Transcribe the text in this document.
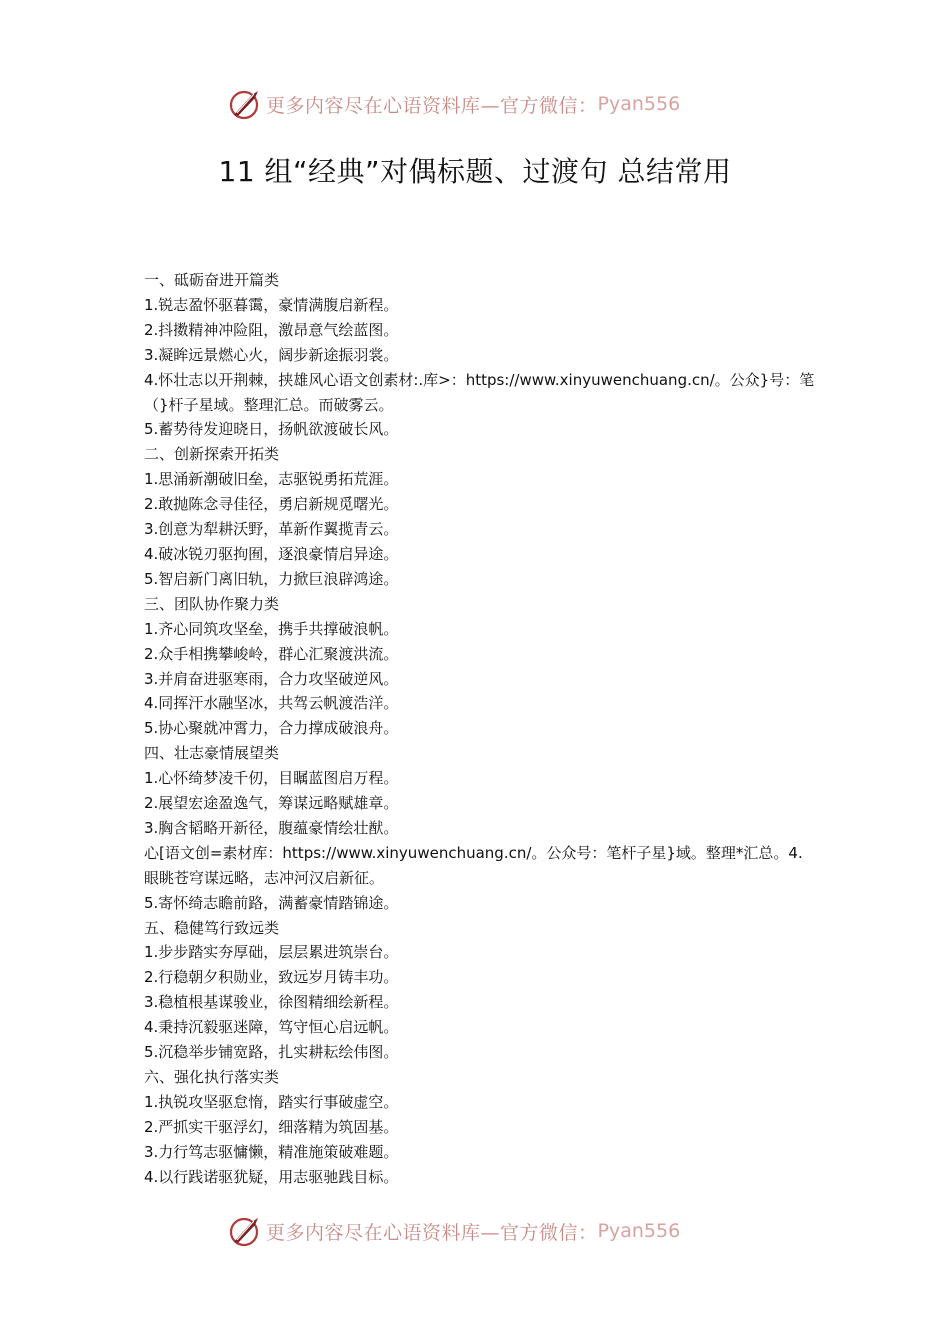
更多内容尽在心语资料库—官方微信： Pyan556
11 组“经典”对偶标题、过渡句 总结常用
一、砥砺奋进开篇类
1.锐志盈怀驱暮霭，豪情满腹启新程。
2.抖擞精神冲险阻，激昂意气绘蓝图。
3.凝眸远景燃心火，阔步新途振羽裳。
4.怀壮志以开荆棘，挟雄风心语文创素材:.库>：https://www.xinyuwenchuang.cn/。公众}号：笔（}杆子星域。整理汇总。而破雾云。
5.蓄势待发迎晓日，扬帆欲渡破长风。
二、创新探索开拓类
1.思涌新潮破旧垒，志驱锐勇拓荒涯。
2.敢抛陈念寻佳径，勇启新规觅曙光。
3.创意为犁耕沃野，革新作翼揽青云。
4.破冰锐刃驱拘囿，逐浪豪情启异途。
5.智启新门离旧轨，力掀巨浪辟鸿途。
三、团队协作聚力类
1.齐心同筑攻坚垒，携手共撑破浪帆。
2.众手相携攀峻岭，群心汇聚渡洪流。
3.并肩奋进驱寒雨，合力攻坚破逆风。
4.同挥汗水融坚冰，共驾云帆渡浩洋。
5.协心聚就冲霄力，合力撑成破浪舟。
四、壮志豪情展望类
1.心怀绮梦凌千仞，目瞩蓝图启万程。
2.展望宏途盈逸气，筹谋远略赋雄章。
3.胸含韬略开新径，腹蕴豪情绘壮猷。
心[语文创=素材库：https://www.xinyuwenchuang.cn/。公众号：笔杆子星}域。整理*汇总。4.眼眺苍穹谋远略，志冲河汉启新征。
5.寄怀绮志瞻前路，满蓄豪情踏锦途。
五、稳健笃行致远类
1.步步踏实夯厚础，层层累进筑崇台。
2.行稳朝夕积勋业，致远岁月铸丰功。
3.稳植根基谋骏业，徐图精细绘新程。
4.秉持沉毅驱迷障，笃守恒心启远帆。
5.沉稳举步铺宽路，扎实耕耘绘伟图。
六、强化执行落实类
1.执锐攻坚驱怠惰，踏实行事破虚空。
2.严抓实干驱浮幻，细落精为筑固基。
3.力行笃志驱慵懒，精准施策破难题。
4.以行践诺驱犹疑，用志驱驰践目标。
更多内容尽在心语资料库—官方微信： Pyan556
